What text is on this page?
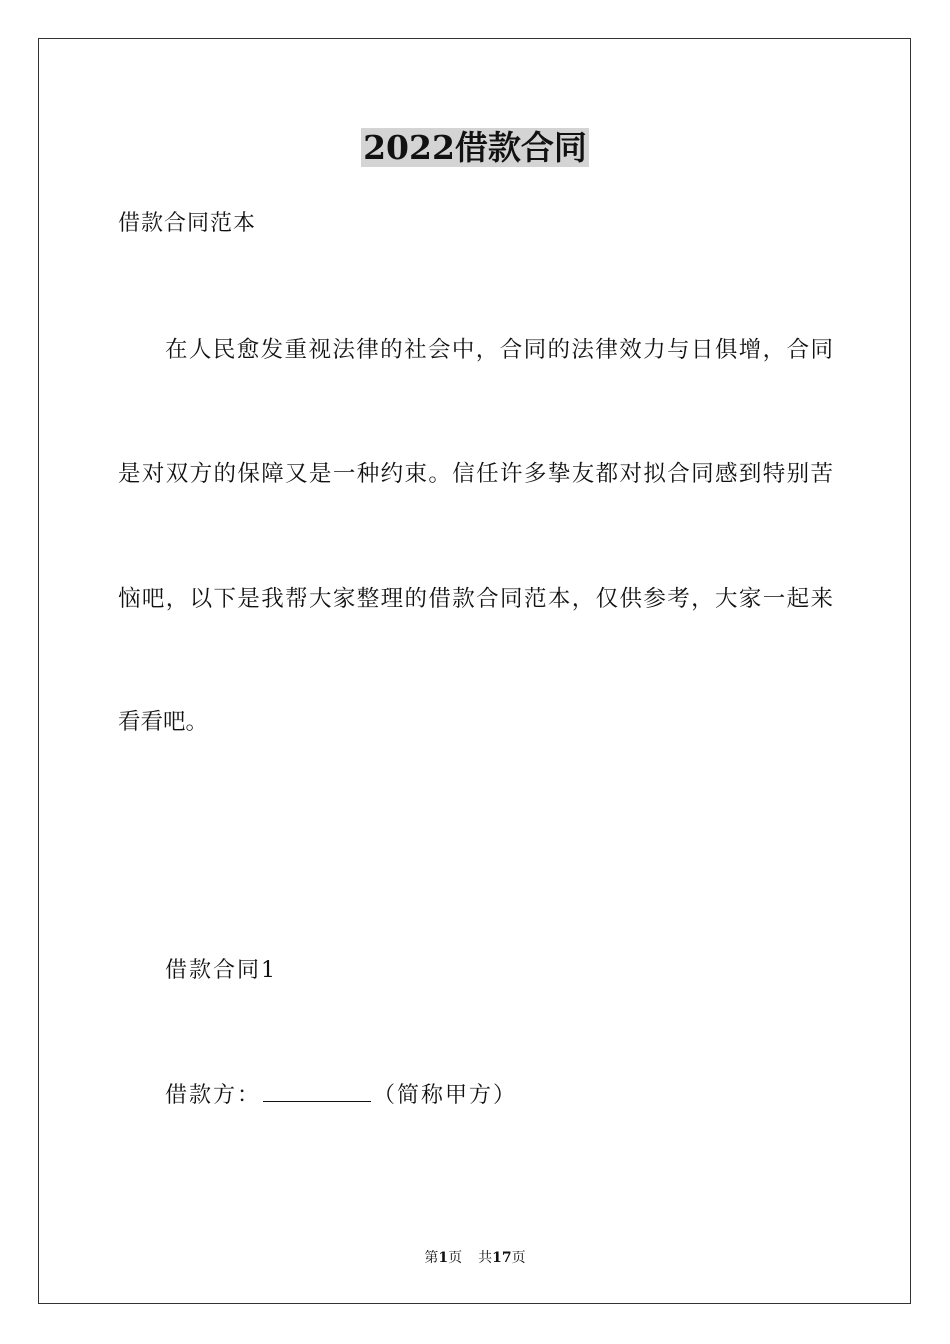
2022借款合同
借款合同范本
在人民愈发重视法律的社会中，合同的法律效力与日俱增，合同
是对双方的保障又是一种约束。信任许多挚友都对拟合同感到特别苦
恼吧，以下是我帮大家整理的借款合同范本，仅供参考，大家一起来
看看吧。
借款合同1
借款方：	（简称甲方）
第1页 共17页
